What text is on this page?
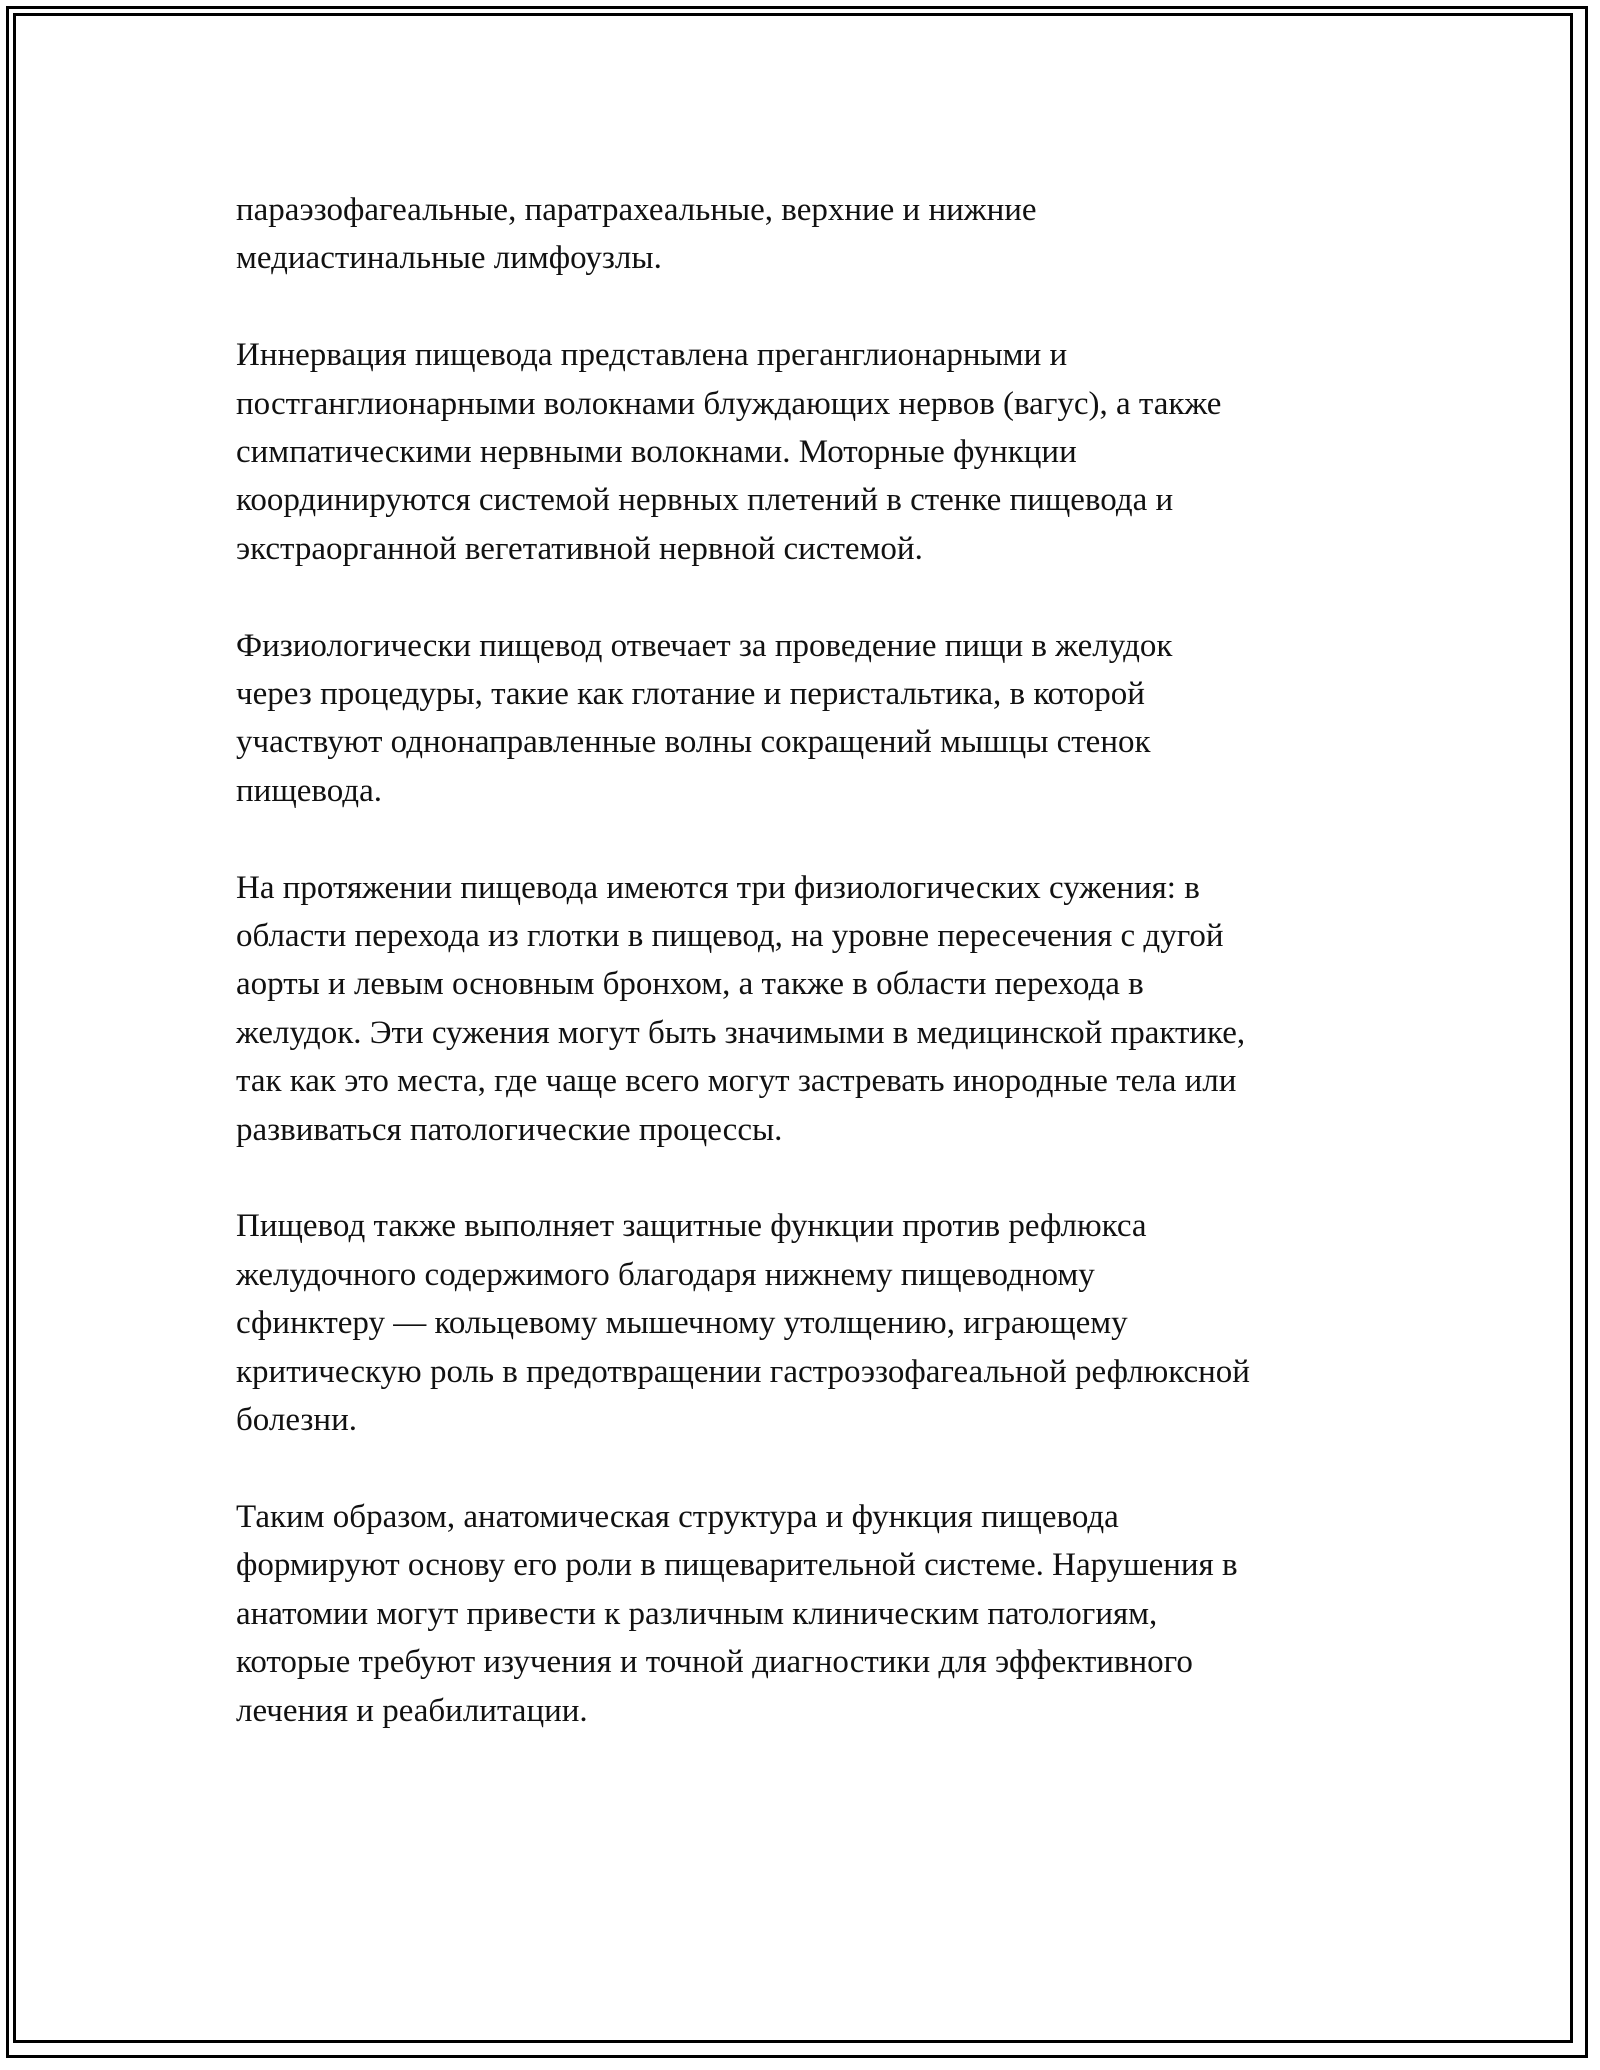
параэзофагеальные, паратрахеальные, верхние и нижние
медиастинальные лимфоузлы.

Иннервация пищевода представлена преганглионарными и
постганглионарными волокнами блуждающих нервов (вагус), а также
симпатическими нервными волокнами. Моторные функции
координируются системой нервных плетений в стенке пищевода и
экстраорганной вегетативной нервной системой.

Физиологически пищевод отвечает за проведение пищи в желудок
через процедуры, такие как глотание и перистальтика, в которой
участвуют однонаправленные волны сокращений мышцы стенок
пищевода.

На протяжении пищевода имеются три физиологических сужения: в
области перехода из глотки в пищевод, на уровне пересечения с дугой
аорты и левым основным бронхом, а также в области перехода в
желудок. Эти сужения могут быть значимыми в медицинской практике,
так как это места, где чаще всего могут застревать инородные тела или
развиваться патологические процессы.

Пищевод также выполняет защитные функции против рефлюкса
желудочного содержимого благодаря нижнему пищеводному
сфинктеру — кольцевому мышечному утолщению, играющему
критическую роль в предотвращении гастроэзофагеальной рефлюксной
болезни.

Таким образом, анатомическая структура и функция пищевода
формируют основу его роли в пищеварительной системе. Нарушения в
анатомии могут привести к различным клиническим патологиям,
которые требуют изучения и точной диагностики для эффективного
лечения и реабилитации.
